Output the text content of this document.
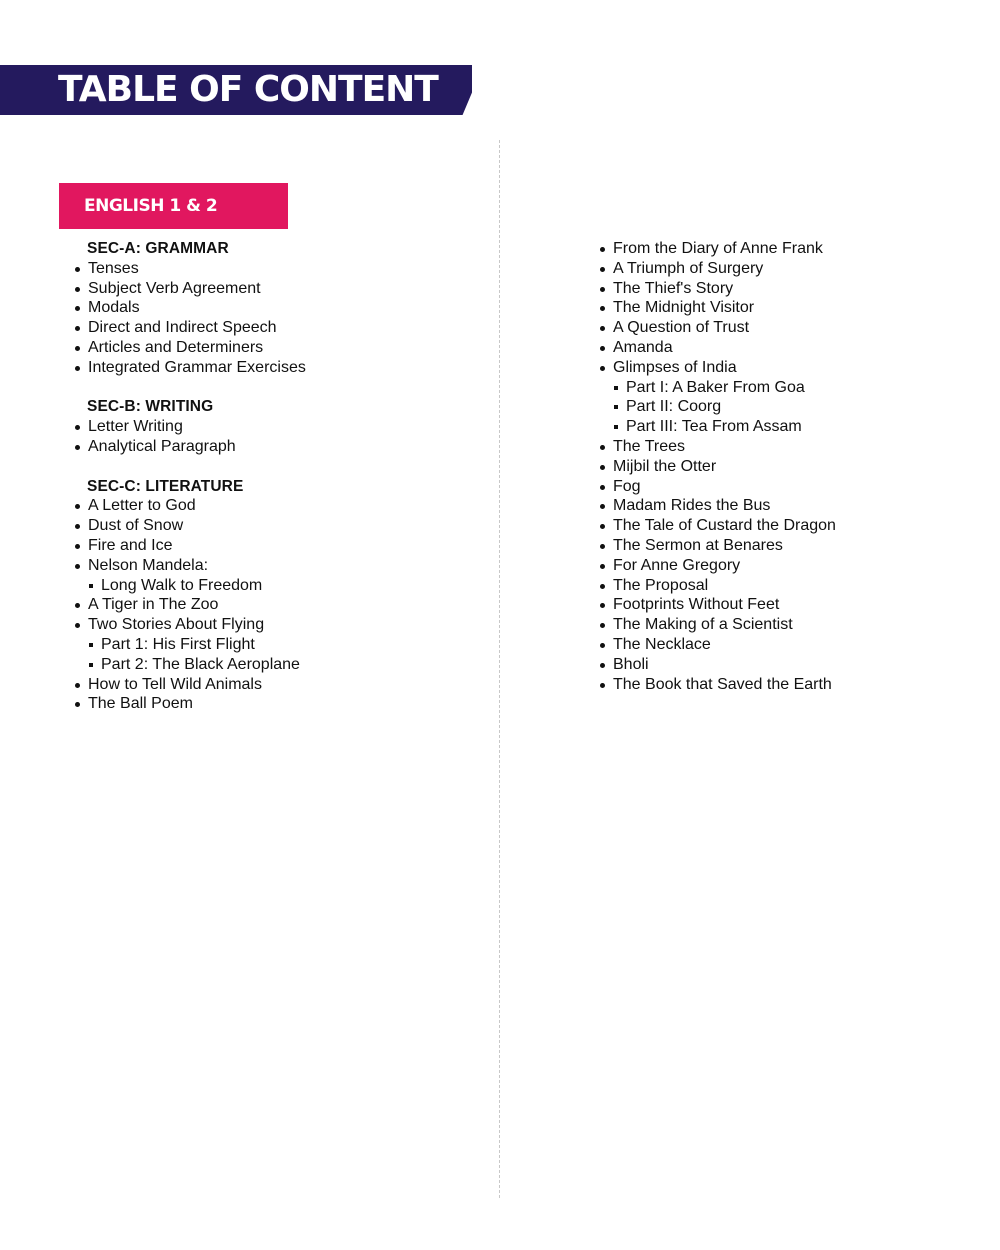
TABLE OF CONTENT
ENGLISH 1 & 2
SEC-A: GRAMMAR
Tenses
Subject Verb Agreement
Modals
Direct and Indirect Speech
Articles and Determiners
Integrated Grammar Exercises
SEC-B: WRITING
Letter Writing
Analytical Paragraph
SEC-C: LITERATURE
A Letter to God
Dust of Snow
Fire and Ice
Nelson Mandela:
Long Walk to Freedom
A Tiger in The Zoo
Two Stories About Flying
Part 1: His First Flight
Part 2: The Black Aeroplane
How to Tell Wild Animals
The Ball Poem
From the Diary of Anne Frank
A Triumph of Surgery
The Thief's Story
The Midnight Visitor
A Question of Trust
Amanda
Glimpses of India
Part I: A Baker From Goa
Part II: Coorg
Part III: Tea From Assam
The Trees
Mijbil the Otter
Fog
Madam Rides the Bus
The Tale of Custard the Dragon
The Sermon at Benares
For Anne Gregory
The Proposal
Footprints Without Feet
The Making of a Scientist
The Necklace
Bholi
The Book that Saved the Earth
